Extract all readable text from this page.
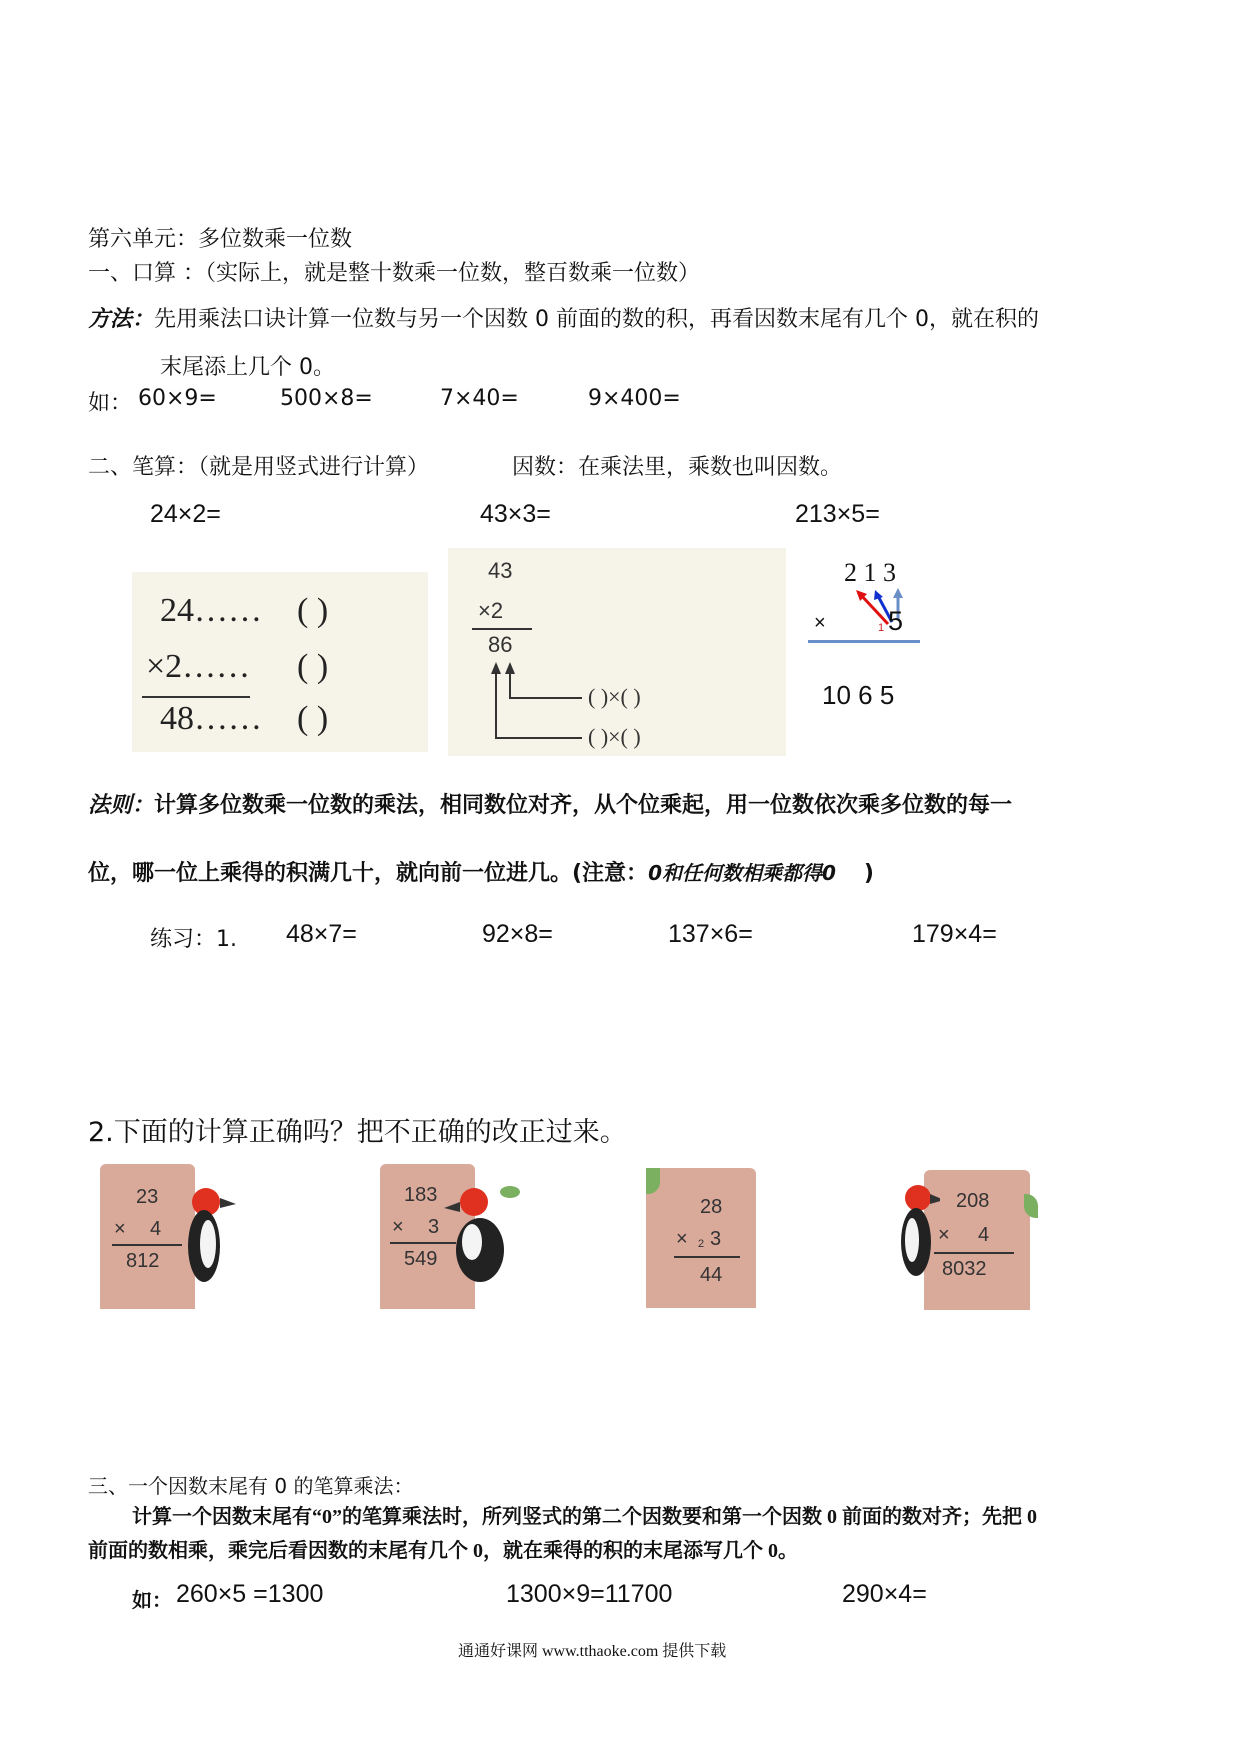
第六单元：多位数乘一位数
一、口算 ：（实际上，就是整十数乘一位数，整百数乘一位数）
方法：先用乘法口诀计算一位数与另一个因数 0 前面的数的积，再看因数末尾有几个 0，就在积的
末尾添上几个 0。
如： 60×9=	500×8=	7×40=	9×400=
二、笔算：（就是用竖式进行计算）	因数：在乘法里，乘数也叫因数。
24×2=	43×3=	213×5=
24…… ( )
×2…… ( )
48…… ( )
43
×2
86
( )×( )
( )×( )
2 1 3
×	1 5
10 6 5
法则：计算多位数乘一位数的乘法，相同数位对齐，从个位乘起，用一位数依次乘多位数的每一
位，哪一位上乘得的积满几十，就向前一位进几。(注意：0和任何数相乘都得0 )
练习：1. 48×7=	92×8=	137×6=	179×4=
2.下面的计算正确吗？把不正确的改正过来。
23
× 4
812
183
× 3
549
28
× 2 3
44
208
× 4
8032
三、一个因数末尾有 0 的笔算乘法：
计算一个因数末尾有“0”的笔算乘法时，所列竖式的第二个因数要和第一个因数 0 前面的数对齐；先把 0
前面的数相乘，乘完后看因数的末尾有几个 0，就在乘得的积的末尾添写几个 0。
如： 260×5 =1300	1300×9=11700	290×4=
通通好课网 www.tthaoke.com 提供下载
